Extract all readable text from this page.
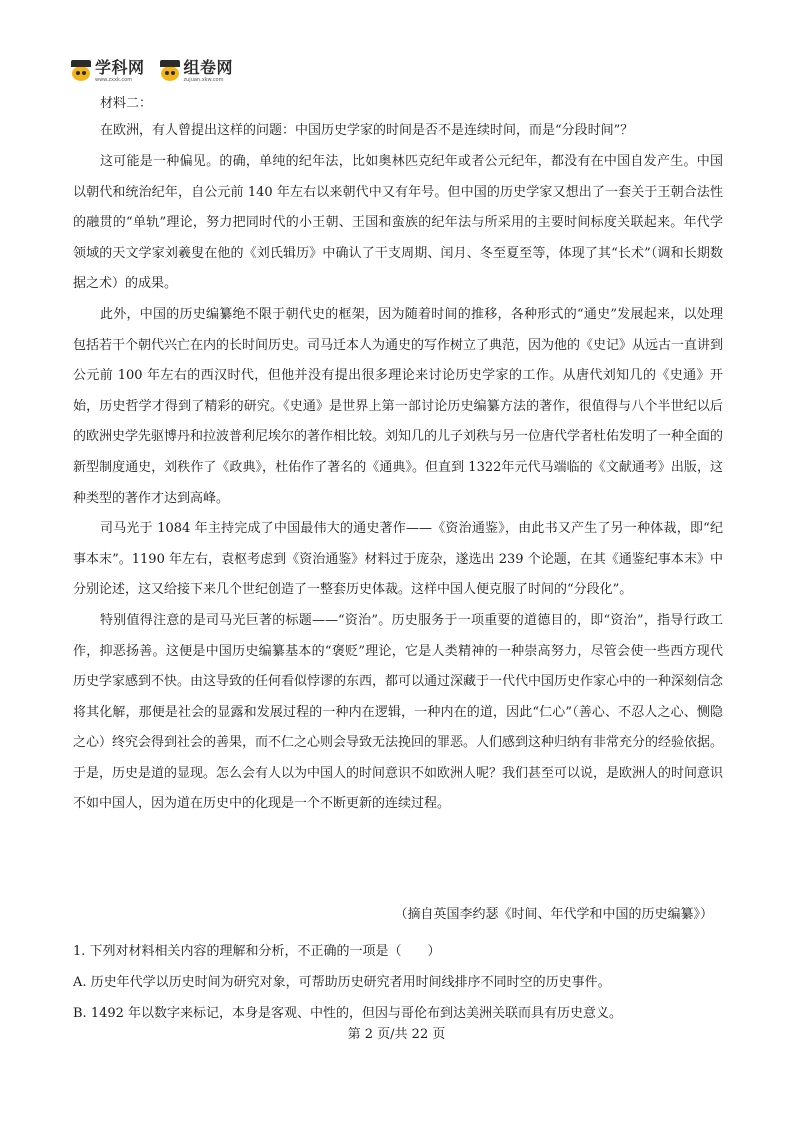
学科网
www.zxxk.com
组卷网
zujuan.xkw.com
材料二：

在欧洲，有人曾提出这样的问题：中国历史学家的时间是否不是连续时间，而是“分段时间”？

这可能是一种偏见。的确，单纯的纪年法，比如奥林匹克纪年或者公元纪年，都没有在中国自发产生。中国以朝代和统治纪年，自公元前 140 年左右以来朝代中又有年号。但中国的历史学家又想出了一套关于王朝合法性的融贯的“单轨”理论，努力把同时代的小王朝、王国和蛮族的纪年法与所采用的主要时间标度关联起来。年代学领域的天文学家刘羲叟在他的《刘氏辑历》中确认了干支周期、闰月、冬至夏至等，体现了其“长术”（调和长期数据之术）的成果。

此外，中国的历史编纂绝不限于朝代史的框架，因为随着时间的推移，各种形式的“通史”发展起来，以处理包括若干个朝代兴亡在内的长时间历史。司马迁本人为通史的写作树立了典范，因为他的《史记》从远古一直讲到公元前 100 年左右的西汉时代，但他并没有提出很多理论来讨论历史学家的工作。从唐代刘知几的《史通》开始，历史哲学才得到了精彩的研究。《史通》是世界上第一部讨论历史编纂方法的著作，很值得与八个半世纪以后的欧洲史学先驱博丹和拉波普利尼埃尔的著作相比较。刘知几的儿子刘秩与另一位唐代学者杜佑发明了一种全面的新型制度通史，刘秩作了《政典》，杜佑作了著名的《通典》。但直到 1322年元代马端临的《文献通考》出版，这种类型的著作才达到高峰。

司马光于 1084 年主持完成了中国最伟大的通史著作——《资治通鉴》，由此书又产生了另一种体裁，即“纪事本末”。1190 年左右，袁枢考虑到《资治通鉴》材料过于庞杂，遂选出 239 个论题，在其《通鉴纪事本末》中分别论述，这又给接下来几个世纪创造了一整套历史体裁。这样中国人便克服了时间的“分段化”。

特别值得注意的是司马光巨著的标题——“资治”。历史服务于一项重要的道德目的，即“资治”，指导行政工作，抑恶扬善。这便是中国历史编纂基本的“褒贬”理论，它是人类精神的一种崇高努力，尽管会使一些西方现代历史学家感到不快。由这导致的任何看似悖谬的东西，都可以通过深藏于一代代中国历史作家心中的一种深刻信念将其化解，那便是社会的显露和发展过程的一种内在逻辑，一种内在的道，因此“仁心”（善心、不忍人之心、恻隐之心）终究会得到社会的善果，而不仁之心则会导致无法挽回的罪恶。人们感到这种归纳有非常充分的经验依据。于是，历史是道的显现。怎么会有人以为中国人的时间意识不如欧洲人呢？我们甚至可以说，是欧洲人的时间意识不如中国人，因为道在历史中的化现是一个不断更新的连续过程。

（摘自英国李约瑟《时间、年代学和中国的历史编纂》）
1. 下列对材料相关内容的理解和分析，不正确的一项是（　　）
A. 历史年代学以历史时间为研究对象，可帮助历史研究者用时间线排序不同时空的历史事件。
B. 1492 年以数字来标记，本身是客观、中性的，但因与哥伦布到达美洲关联而具有历史意义。
第 2 页/共 22 页
